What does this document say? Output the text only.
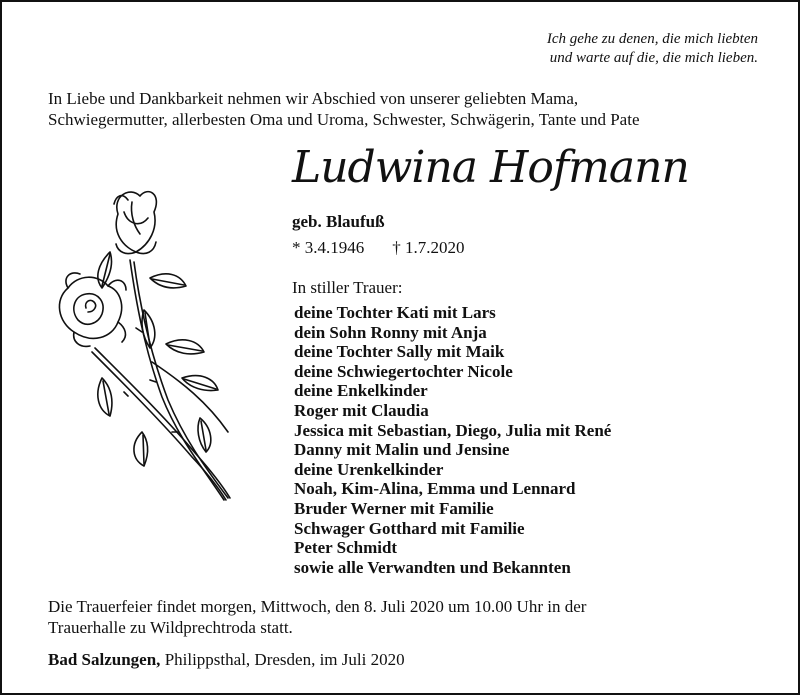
Ich gehe zu denen, die mich liebten
und warte auf die, die mich lieben.
In Liebe und Dankbarkeit nehmen wir Abschied von unserer geliebten Mama,
Schwiegermutter, allerbesten Oma und Uroma, Schwester, Schwägerin, Tante und Pate
Ludwina Hofmann
geb. Blaufuß
* 3.4.1946 † 1.7.2020
In stiller Trauer:
deine Tochter Kati mit Lars
dein Sohn Ronny mit Anja
deine Tochter Sally mit Maik
deine Schwiegertochter Nicole
deine Enkelkinder
Roger mit Claudia
Jessica mit Sebastian, Diego, Julia mit René
Danny mit Malin und Jensine
deine Urenkelkinder
Noah, Kim-Alina, Emma und Lennard
Bruder Werner mit Familie
Schwager Gotthard mit Familie
Peter Schmidt
sowie alle Verwandten und Bekannten
Die Trauerfeier findet morgen, Mittwoch, den 8. Juli 2020 um 10.00 Uhr in der
Trauerhalle zu Wildprechtroda statt.
Bad Salzungen, Philippsthal, Dresden, im Juli 2020
